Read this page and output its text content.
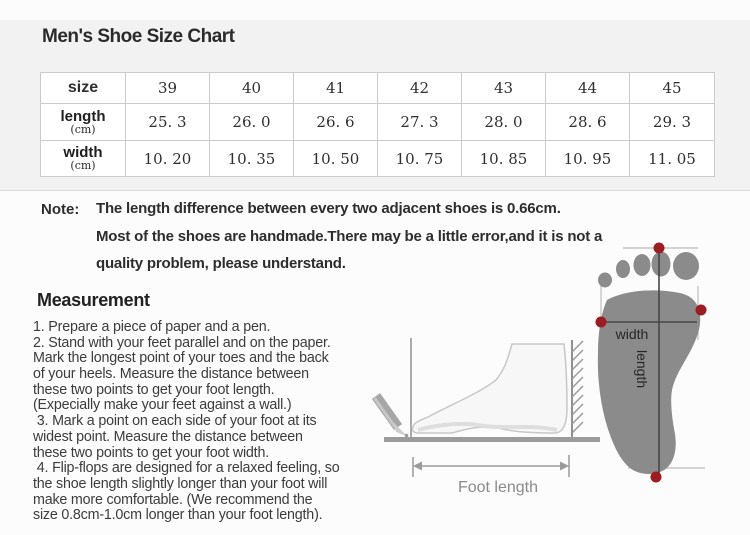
Men's Shoe Size Chart
size	39	40	41	42	43	44	45

length
(cm)	25. 3	26. 0	26. 6	27. 3	28. 0	28. 6	29. 3

width
(cm)	10. 20	10. 35	10. 50	10. 75	10. 85	10. 95	11. 05
Note: The length difference between every two adjacent shoes is 0.66cm.
Most of the shoes are handmade.There may be a little error,and it is not a
quality problem, please understand.
Measurement
1. Prepare a piece of paper and a pen.
2. Stand with your feet parallel and on the paper.
Mark the longest point of your toes and the back
of your heels. Measure the distance between
these two points to get your foot length.
(Expecially make your feet against a wall.)
3. Mark a point on each side of your foot at its
widest point. Measure the distance between
these two points to get your foot width.
4. Flip-flops are designed for a relaxed feeling, so
the shoe length slightly longer than your foot will
make more comfortable. (We recommend the
size 0.8cm-1.0cm longer than your foot length).
Foot length
width
length
